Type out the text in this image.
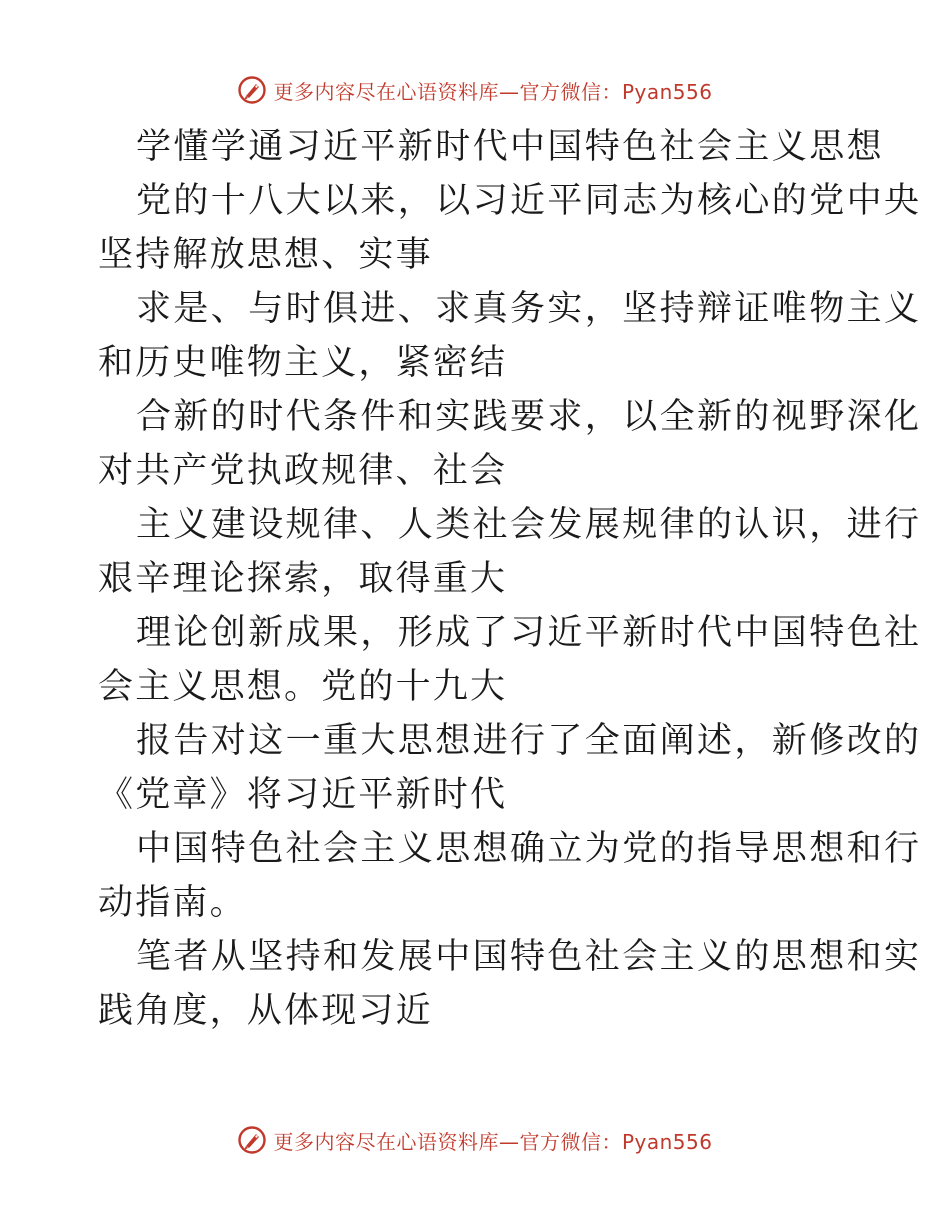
更多内容尽在心语资料库—官方微信：Pyan556
学懂学通习近平新时代中国特色社会主义思想
党的十八大以来，以习近平同志为核心的党中央
坚持解放思想、实事
求是、与时俱进、求真务实，坚持辩证唯物主义
和历史唯物主义，紧密结
合新的时代条件和实践要求，以全新的视野深化
对共产党执政规律、社会
主义建设规律、人类社会发展规律的认识，进行
艰辛理论探索，取得重大
理论创新成果，形成了习近平新时代中国特色社
会主义思想。党的十九大
报告对这一重大思想进行了全面阐述，新修改的
《党章》将习近平新时代
中国特色社会主义思想确立为党的指导思想和行
动指南。
笔者从坚持和发展中国特色社会主义的思想和实
践角度，从体现习近
更多内容尽在心语资料库—官方微信：Pyan556
